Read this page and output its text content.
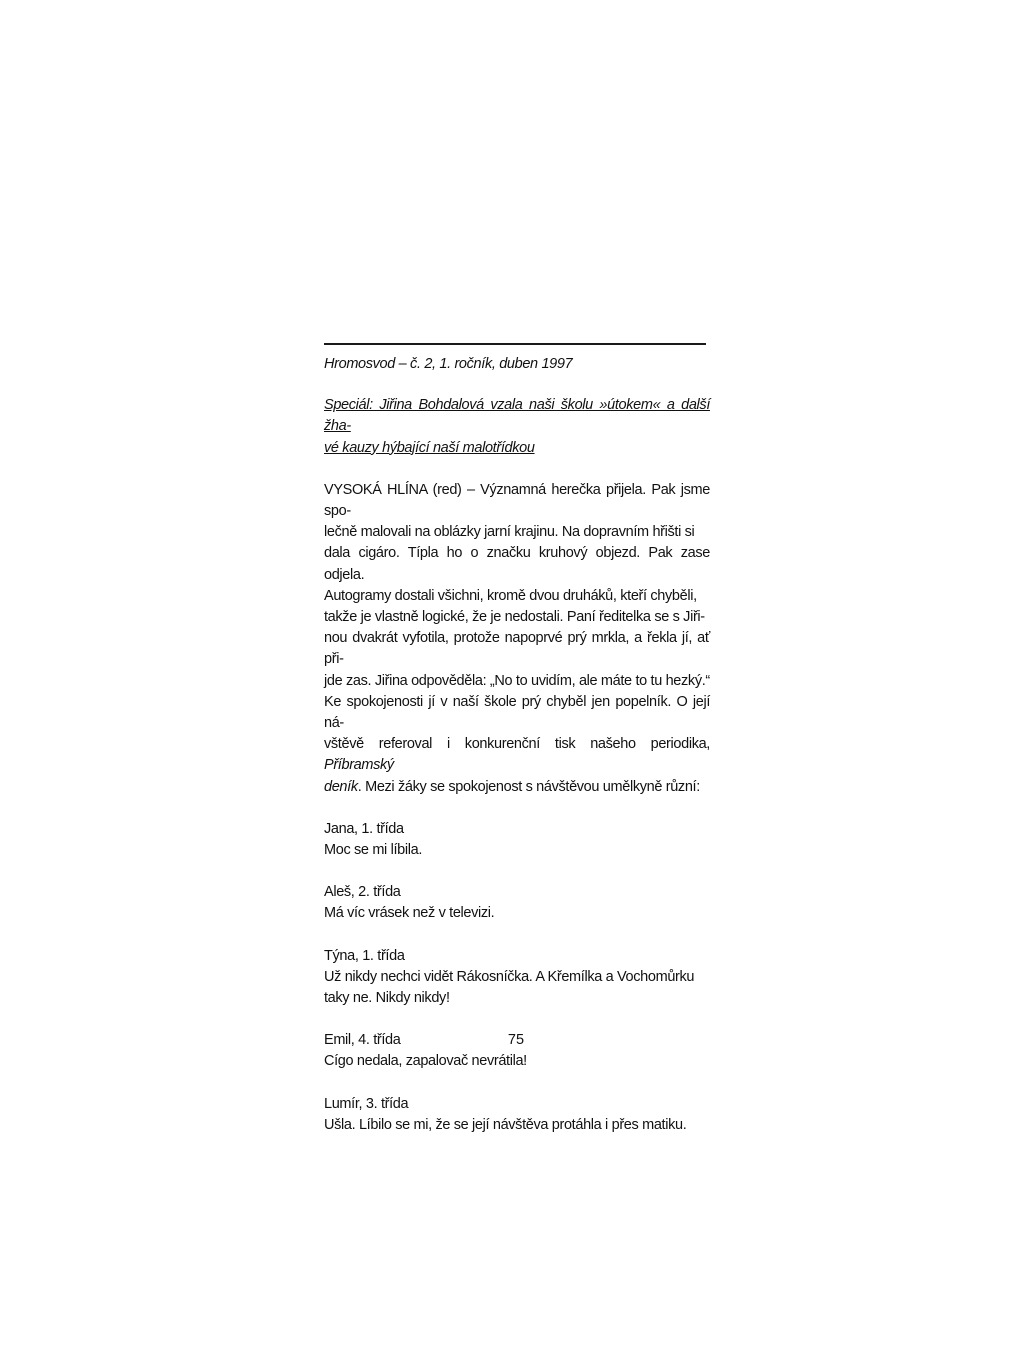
Hromosvod – č. 2, 1. ročník, duben 1997

Speciál: Jiřina Bohdalová vzala naši školu »útokem« a další žha-
vé kauzy hýbající naší malotřídkou
VYSOKÁ HLÍNA (red) – Významná herečka přijela. Pak jsme spo-
lečně malovali na oblázky jarní krajinu. Na dopravním hřišti si
dala cigáro. Típla ho o značku kruhový objezd. Pak zase odjela.
Autogramy dostali všichni, kromě dvou druháků, kteří chyběli,
takže je vlastně logické, že je nedostali. Paní ředitelka se s Jiři-
nou dvakrát vyfotila, protože napoprvé prý mrkla, a řekla jí, ať při-
jde zas. Jiřina odpověděla: „No to uvidím, ale máte to tu hezký.“
Ke spokojenosti jí v naší škole prý chyběl jen popelník. O její ná-
vštěvě referoval i konkurenční tisk našeho periodika, Příbramský
deník. Mezi žáky se spokojenost s návštěvou umělkyně různí:
Jana, 1. třída
Moc se mi líbila.
Aleš, 2. třída
Má víc vrásek než v televizi.
Týna, 1. třída
Už nikdy nechci vidět Rákosníčka. A Křemílka a Vochomůrku
taky ne. Nikdy nikdy!
Emil, 4. třída
Cígo nedala, zapalovač nevrátila!
Lumír, 3. třída
Ušla. Líbilo se mi, že se její návštěva protáhla i přes matiku.
75
